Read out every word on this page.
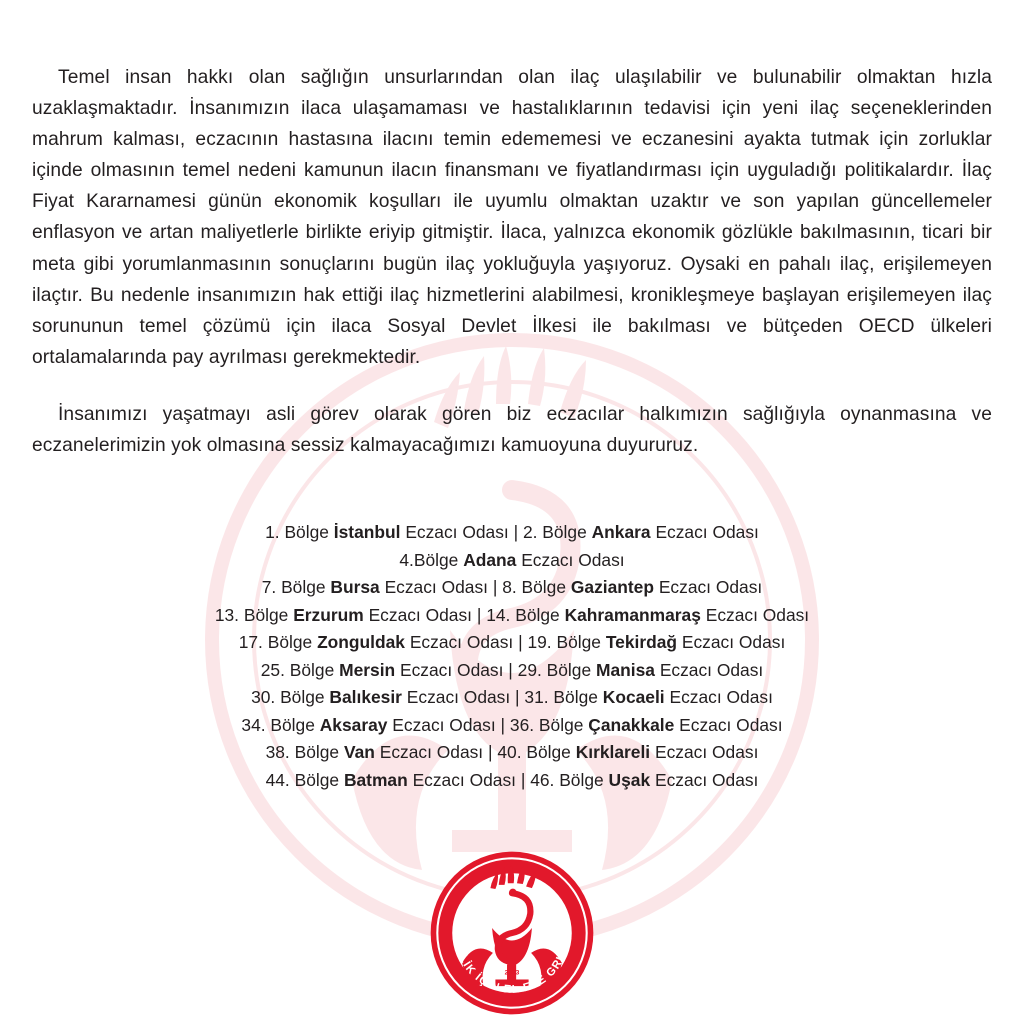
Temel insan hakkı olan sağlığın unsurlarından olan ilaç ulaşılabilir ve bulunabilir olmaktan hızla uzaklaşmaktadır. İnsanımızın ilaca ulaşamaması ve hastalıklarının tedavisi için yeni ilaç seçeneklerinden mahrum kalması, eczacının hastasına ilacını temin edememesi ve eczanesini ayakta tutmak için zorluklar içinde olmasının temel nedeni kamunun ilacın finansmanı ve fiyatlandırması için uyguladığı politikalardır. İlaç Fiyat Kararnamesi günün ekonomik koşulları ile uyumlu olmaktan uzaktır ve son yapılan güncellemeler enflasyon ve artan maliyetlerle birlikte eriyip gitmiştir. İlaca, yalnızca ekonomik gözlükle bakılmasının, ticari bir meta gibi yorumlanmasının sonuçlarını bugün ilaç yokluğuyla yaşıyoruz. Oysaki en pahalı ilaç, erişilemeyen ilaçtır. Bu nedenle insanımızın hak ettiği ilaç hizmetlerini alabilmesi, kronikleşmeye başlayan erişilemeyen ilaç sorununun temel çözümü için ilaca Sosyal Devlet İlkesi ile bakılması ve bütçeden OECD ülkeleri ortalamalarında pay ayrılması gerekmektedir.

İnsanımızı yaşatmayı asli görev olarak gören biz eczacılar halkımızın sağlığıyla oynanmasına ve eczanelerimizin yok olmasına sessiz kalmayacağımızı kamuoyuna duyururuz.

1. Bölge İstanbul Eczacı Odası | 2. Bölge Ankara Eczacı Odası
4.Bölge Adana Eczacı Odası
7. Bölge Bursa Eczacı Odası | 8. Bölge Gaziantep Eczacı Odası
13. Bölge Erzurum Eczacı Odası | 14. Bölge Kahramanmaraş Eczacı Odası
17. Bölge Zonguldak Eczacı Odası | 19. Bölge Tekirdağ Eczacı Odası
25. Bölge Mersin Eczacı Odası | 29. Bölge Manisa Eczacı Odası
30. Bölge Balıkesir Eczacı Odası | 31. Bölge Kocaeli Eczacı Odası
34. Bölge Aksaray Eczacı Odası | 36. Bölge Çanakkale Eczacı Odası
38. Bölge Van Eczacı Odası | 40. Bölge Kırklareli Eczacı Odası
44. Bölge Batman Eczacı Odası | 46. Bölge Uşak Eczacı Odası
BİRLİK İÇİN EL ELE GRUBU
2023
